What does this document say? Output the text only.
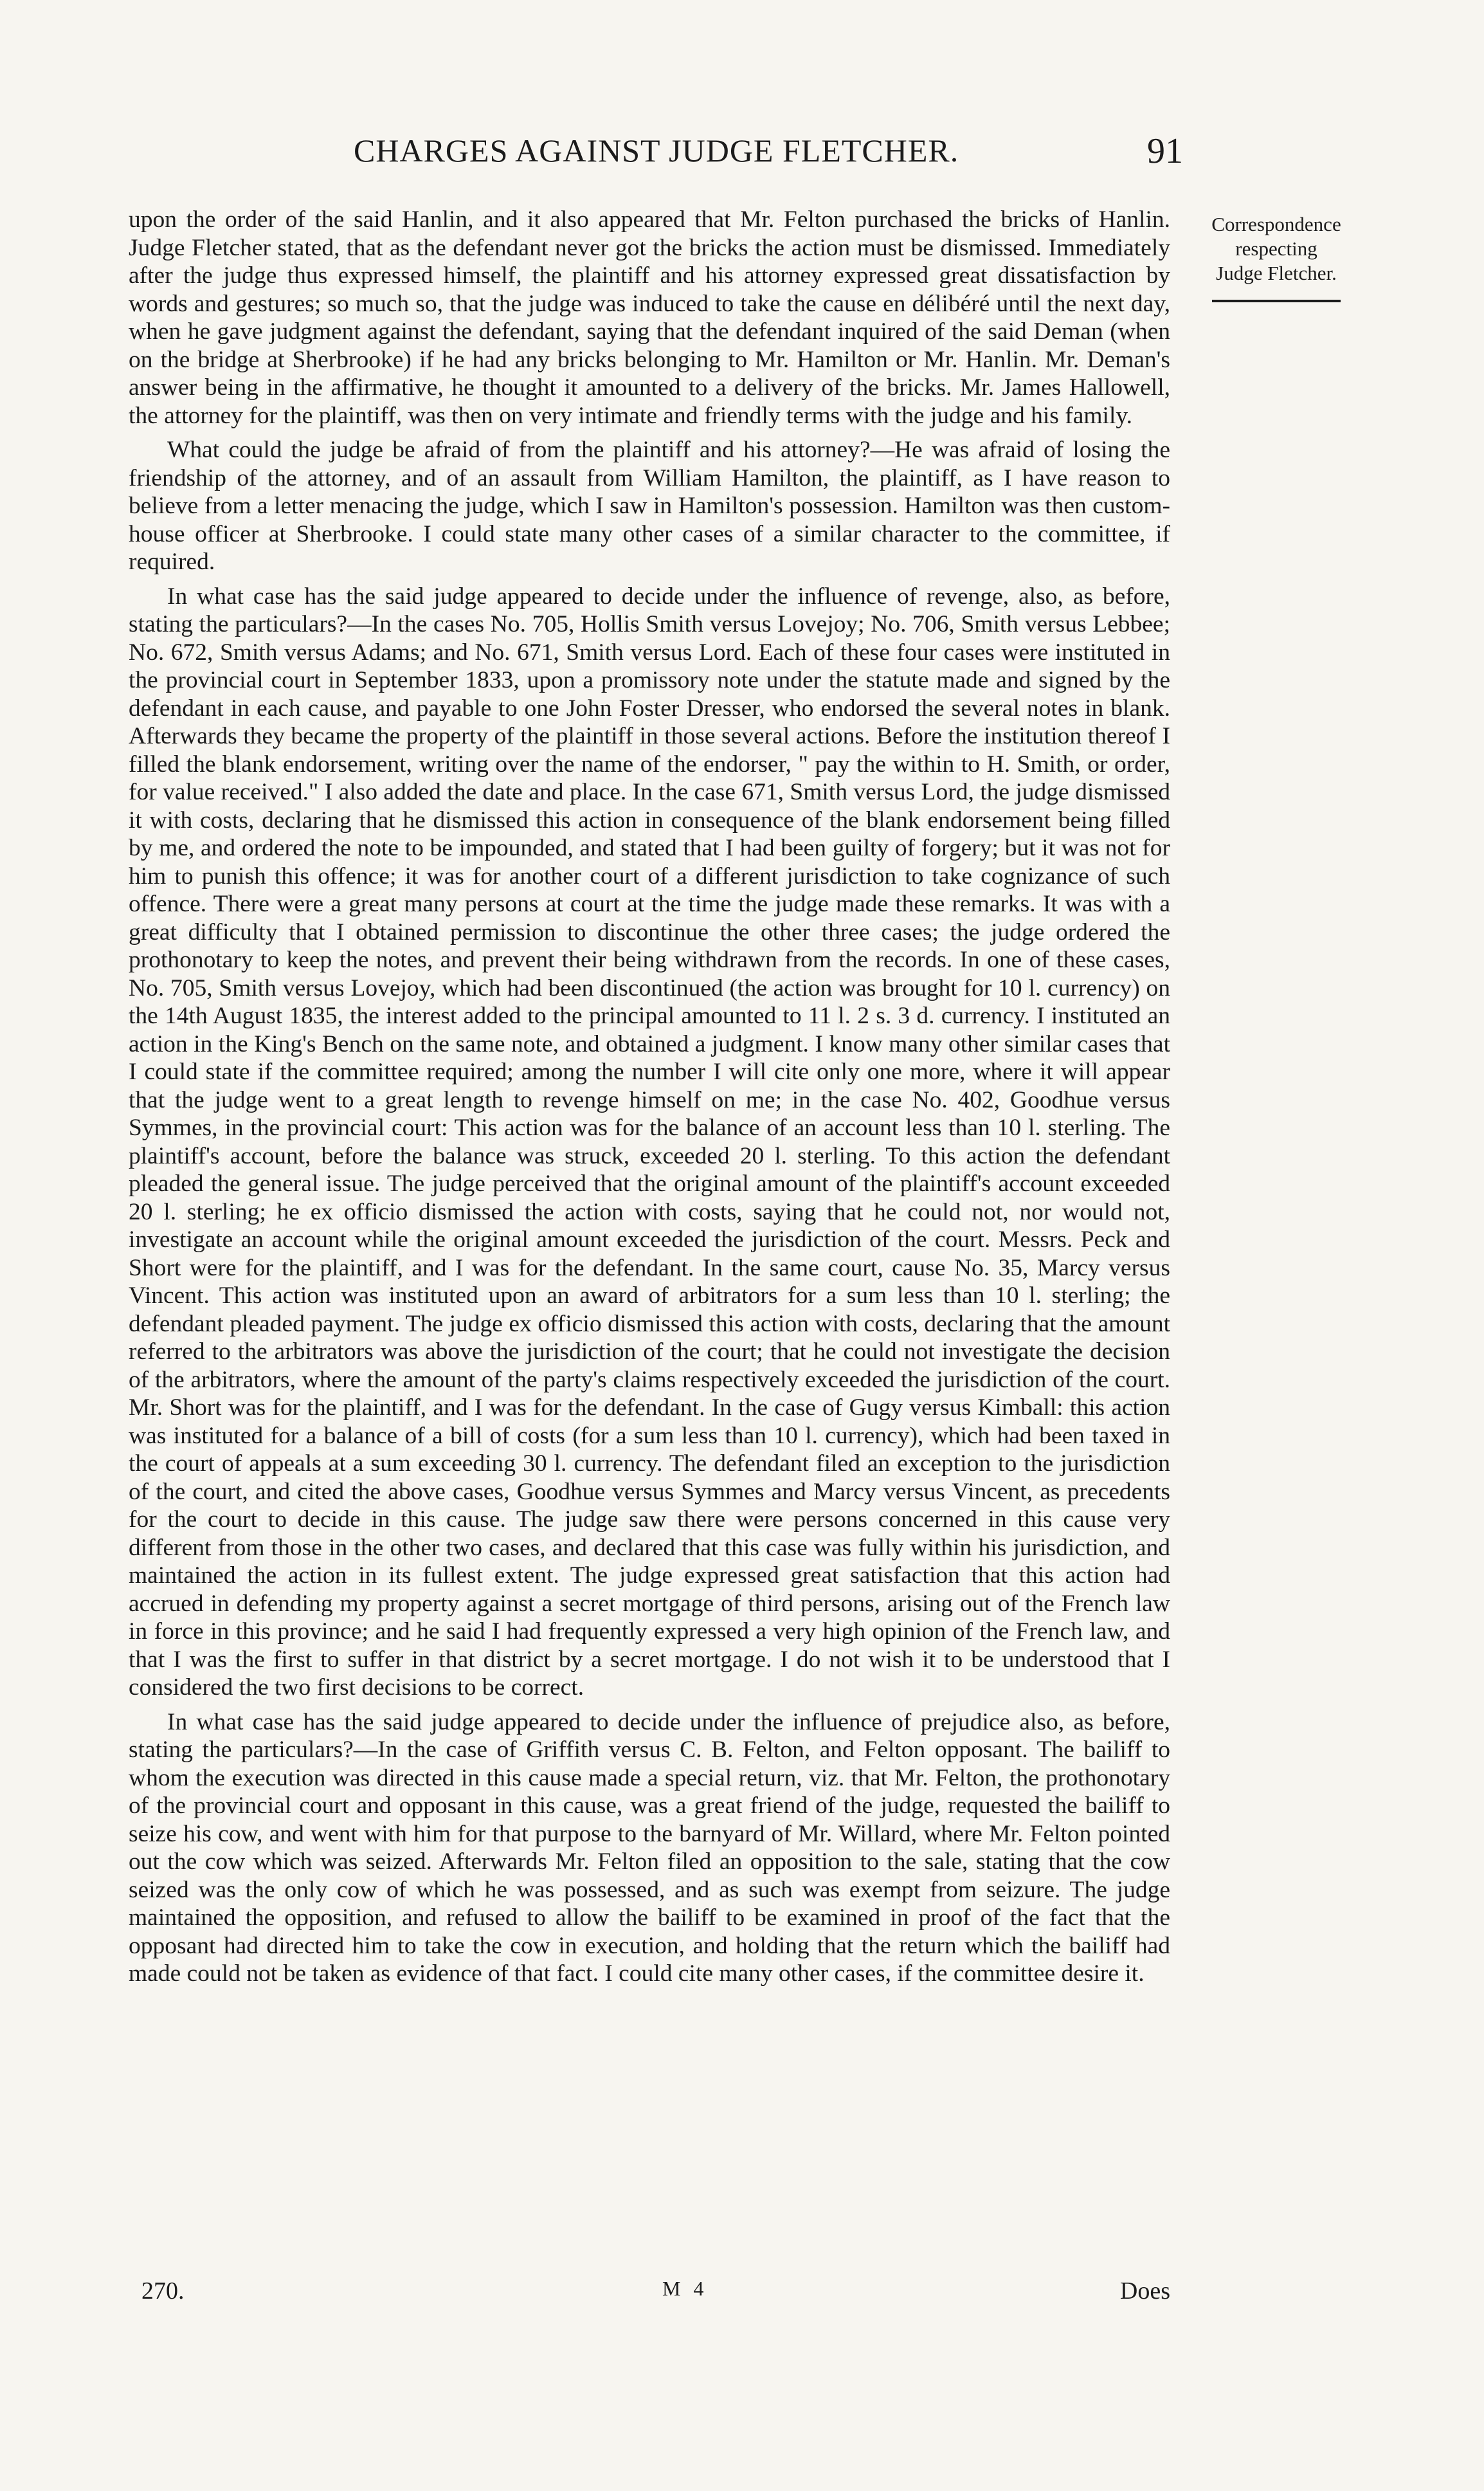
CHARGES AGAINST JUDGE FLETCHER.	91
Correspondence
respecting
Judge Fletcher.

upon the order of the said Hanlin, and it also appeared that Mr. Felton purchased the bricks of Hanlin. Judge Fletcher stated, that as the defendant never got the bricks the action must be dismissed. Immediately after the judge thus expressed himself, the plaintiff and his attorney expressed great dissatisfaction by words and gestures; so much so, that the judge was induced to take the cause en délibéré until the next day, when he gave judgment against the defendant, saying that the defendant inquired of the said Deman (when on the bridge at Sherbrooke) if he had any bricks belonging to Mr. Hamilton or Mr. Hanlin. Mr. Deman's answer being in the affirmative, he thought it amounted to a delivery of the bricks. Mr. James Hallowell, the attorney for the plaintiff, was then on very intimate and friendly terms with the judge and his family.

What could the judge be afraid of from the plaintiff and his attorney?—He was afraid of losing the friendship of the attorney, and of an assault from William Hamilton, the plaintiff, as I have reason to believe from a letter menacing the judge, which I saw in Hamilton's possession. Hamilton was then custom-house officer at Sherbrooke. I could state many other cases of a similar character to the committee, if required.

In what case has the said judge appeared to decide under the influence of revenge, also, as before, stating the particulars?—In the cases No. 705, Hollis Smith versus Lovejoy; No. 706, Smith versus Lebbee; No. 672, Smith versus Adams; and No. 671, Smith versus Lord. Each of these four cases were instituted in the provincial court in September 1833, upon a promissory note under the statute made and signed by the defendant in each cause, and payable to one John Foster Dresser, who endorsed the several notes in blank. Afterwards they became the property of the plaintiff in those several actions. Before the institution thereof I filled the blank endorsement, writing over the name of the endorser, " pay the within to H. Smith, or order, for value received." I also added the date and place. In the case 671, Smith versus Lord, the judge dismissed it with costs, declaring that he dismissed this action in consequence of the blank endorsement being filled by me, and ordered the note to be impounded, and stated that I had been guilty of forgery; but it was not for him to punish this offence; it was for another court of a different jurisdiction to take cognizance of such offence. There were a great many persons at court at the time the judge made these remarks. It was with a great difficulty that I obtained permission to discontinue the other three cases; the judge ordered the prothonotary to keep the notes, and prevent their being withdrawn from the records. In one of these cases, No. 705, Smith versus Lovejoy, which had been discontinued (the action was brought for 10 l. currency) on the 14th August 1835, the interest added to the principal amounted to 11 l. 2 s. 3 d. currency. I instituted an action in the King's Bench on the same note, and obtained a judgment. I know many other similar cases that I could state if the committee required; among the number I will cite only one more, where it will appear that the judge went to a great length to revenge himself on me; in the case No. 402, Goodhue versus Symmes, in the provincial court: This action was for the balance of an account less than 10 l. sterling. The plaintiff's account, before the balance was struck, exceeded 20 l. sterling. To this action the defendant pleaded the general issue. The judge perceived that the original amount of the plaintiff's account exceeded 20 l. sterling; he ex officio dismissed the action with costs, saying that he could not, nor would not, investigate an account while the original amount exceeded the jurisdiction of the court. Messrs. Peck and Short were for the plaintiff, and I was for the defendant. In the same court, cause No. 35, Marcy versus Vincent. This action was instituted upon an award of arbitrators for a sum less than 10 l. sterling; the defendant pleaded payment. The judge ex officio dismissed this action with costs, declaring that the amount referred to the arbitrators was above the jurisdiction of the court; that he could not investigate the decision of the arbitrators, where the amount of the party's claims respectively exceeded the jurisdiction of the court. Mr. Short was for the plaintiff, and I was for the defendant. In the case of Gugy versus Kimball: this action was instituted for a balance of a bill of costs (for a sum less than 10 l. currency), which had been taxed in the court of appeals at a sum exceeding 30 l. currency. The defendant filed an exception to the jurisdiction of the court, and cited the above cases, Goodhue versus Symmes and Marcy versus Vincent, as precedents for the court to decide in this cause. The judge saw there were persons concerned in this cause very different from those in the other two cases, and declared that this case was fully within his jurisdiction, and maintained the action in its fullest extent. The judge expressed great satisfaction that this action had accrued in defending my property against a secret mortgage of third persons, arising out of the French law in force in this province; and he said I had frequently expressed a very high opinion of the French law, and that I was the first to suffer in that district by a secret mortgage. I do not wish it to be understood that I considered the two first decisions to be correct.

In what case has the said judge appeared to decide under the influence of prejudice also, as before, stating the particulars?—In the case of Griffith versus C. B. Felton, and Felton opposant. The bailiff to whom the execution was directed in this cause made a special return, viz. that Mr. Felton, the prothonotary of the provincial court and opposant in this cause, was a great friend of the judge, requested the bailiff to seize his cow, and went with him for that purpose to the barnyard of Mr. Willard, where Mr. Felton pointed out the cow which was seized. Afterwards Mr. Felton filed an opposition to the sale, stating that the cow seized was the only cow of which he was possessed, and as such was exempt from seizure. The judge maintained the opposition, and refused to allow the bailiff to be examined in proof of the fact that the opposant had directed him to take the cow in execution, and holding that the return which the bailiff had made could not be taken as evidence of that fact. I could cite many other cases, if the committee desire it.

270.	M 4	Does
